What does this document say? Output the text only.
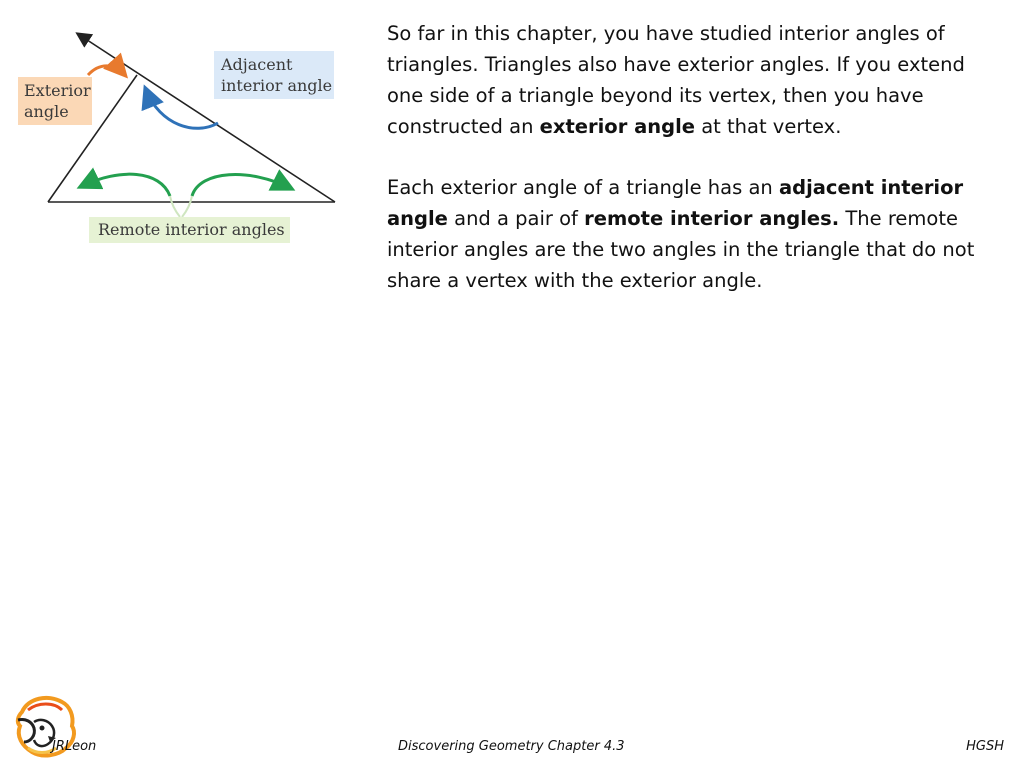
Exterior
angle
Adjacent
interior angle
Remote interior angles

So far in this chapter, you have studied interior angles of triangles. Triangles also have exterior angles. If you extend one side of a triangle beyond its vertex, then you have constructed an exterior angle at that vertex.

Each exterior angle of a triangle has an adjacent interior angle and a pair of remote interior angles. The remote interior angles are the two angles in the triangle that do not share a vertex with the exterior angle.

JRLeon	Discovering Geometry Chapter 4.3	HGSH
